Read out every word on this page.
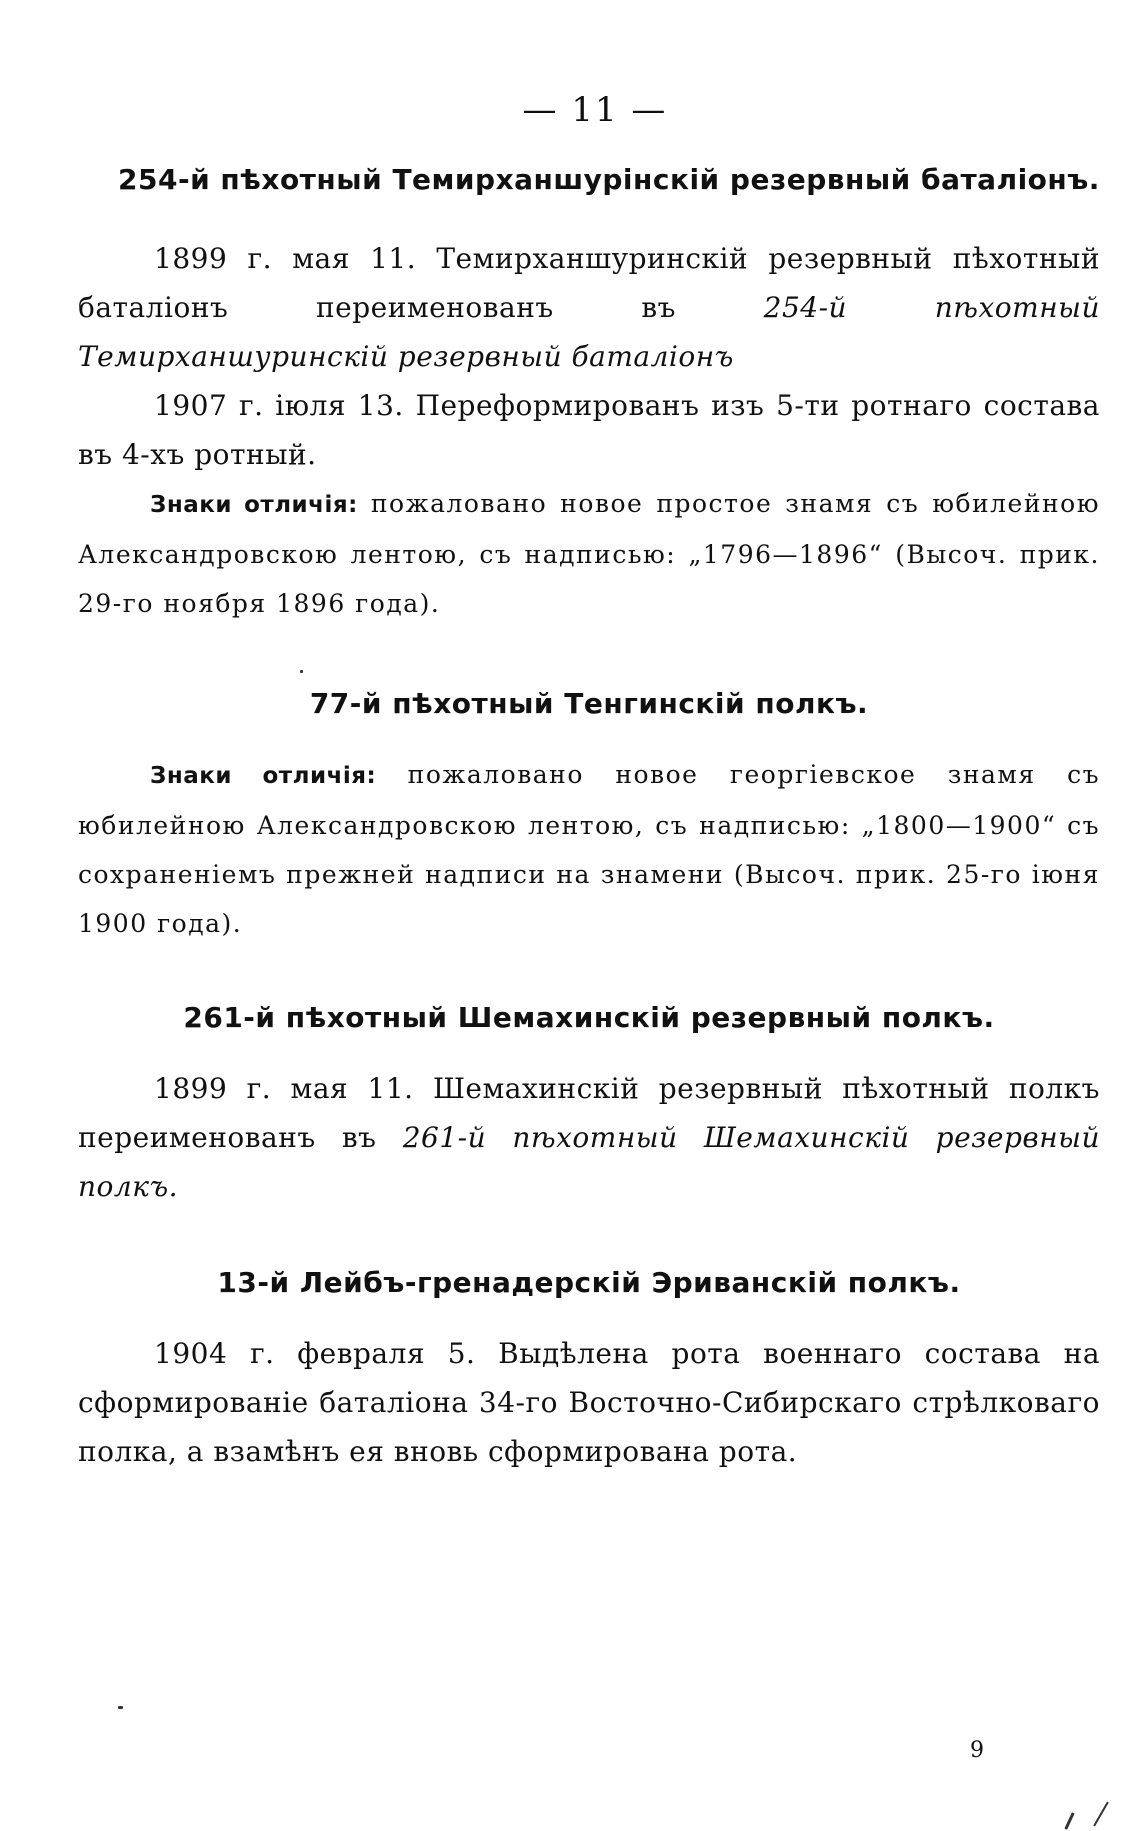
— 11 —
254-й пѣхотный Темирханшурінскій резервный баталіонъ.

1899 г. мая 11. Темирханшуринскій резервный пѣхотный баталіонъ переименованъ въ	254-й пѣхотный Темирханшуринскій резервный баталіонъ

1907 г. іюля 13. Переформированъ изъ 5-ти ротнаго состава въ 4-хъ ротный.

Знаки отличія: пожаловано новое простое знамя съ юбилейною Александровскою лентою, съ надписью: „1796—1896“ (Высоч. прик. 29-го ноября 1896 года).

77-й пѣхотный Тенгинскій полкъ.

Знаки отличія: пожаловано новое георгіевское знамя съ юбилейною Александровскою лентою, съ надписью: „1800—1900“ съ сохраненіемъ прежней надписи на знамени (Высоч. прик. 25-го іюня 1900 года).

261-й пѣхотный Шемахинскій резервный полкъ.

1899 г. мая 11. Шемахинскій резервный пѣхотный полкъ переименованъ въ 261-й пѣхотный Шемахинскій резервный полкъ.

13-й Лейбъ-гренадерскій Эриванскій полкъ.

1904 г. февраля 5. Выдѣлена рота военнаго состава на сформированіе баталіона 34-го Восточно-Сибирскаго стрѣлковаго полка, а взамѣнъ ея вновь сформирована рота.

9
